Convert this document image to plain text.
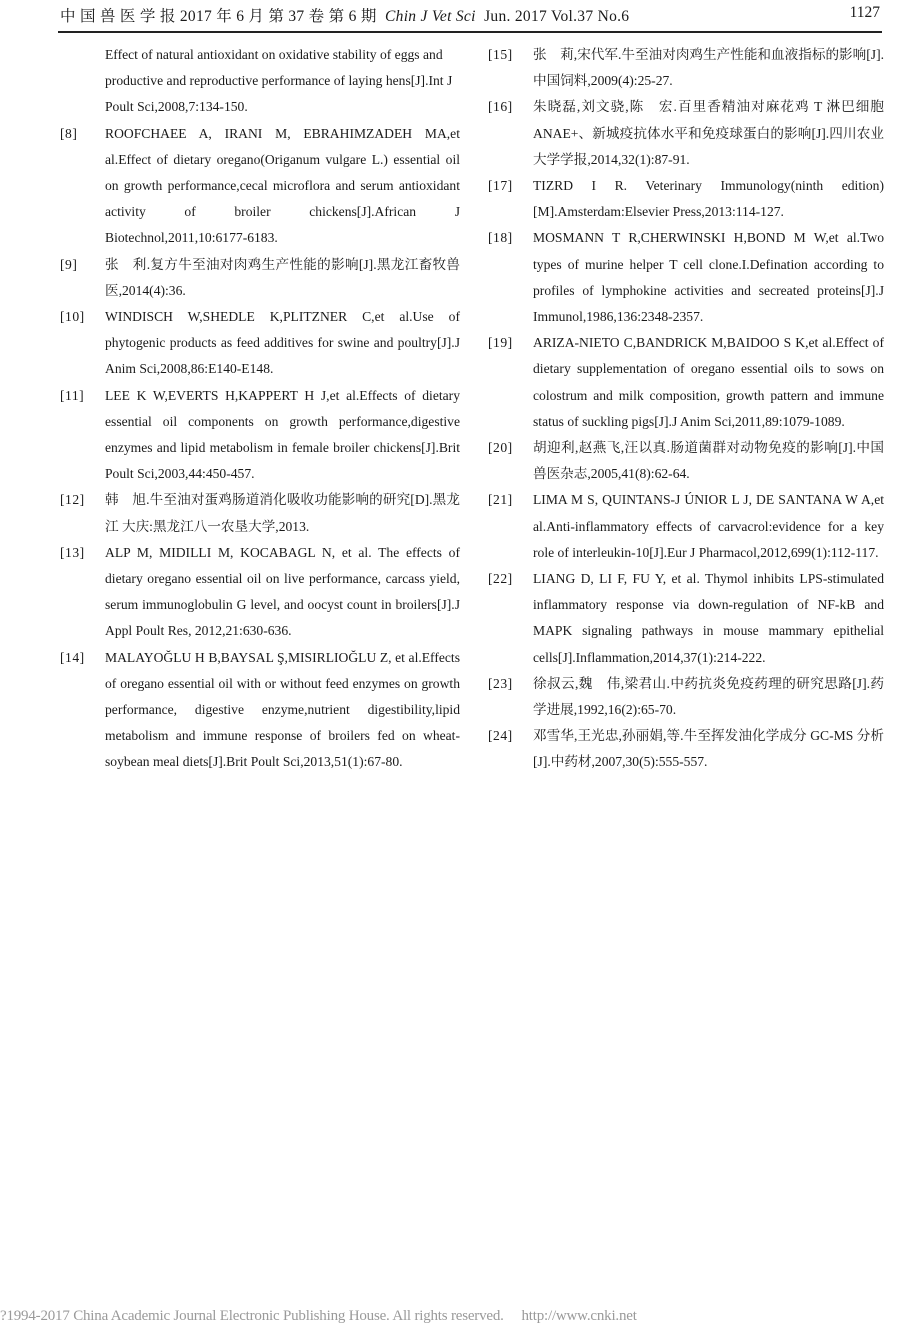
中 国 兽 医 学 报 2017 年 6 月 第 37 卷 第 6 期 Chin J Vet Sci Jun. 2017 Vol.37 No.6	1127
Effect of natural antioxidant on oxidative stability of eggs and productive and reproductive performance of laying hens[J].Int J Poult Sci,2008,7:134-150.
[8]	ROOFCHAEE A, IRANI M, EBRAHIMZADEH MA,et al.Effect of dietary oregano(Origanum vulgare L.) essential oil on growth performance,cecal microflora and serum antioxidant activity of broiler chickens[J].African J Biotechnol,2011,10:6177-6183.
[9]	张　利.复方牛至油对肉鸡生产性能的影响[J].黑龙江畜牧兽医,2014(4):36.
[10]	WINDISCH W,SHEDLE K,PLITZNER C,et al.Use of phytogenic products as feed additives for swine and poultry[J].J Anim Sci,2008,86:E140-E148.
[11]	LEE K W,EVERTS H,KAPPERT H J,et al.Effects of dietary essential oil components on growth performance,digestive enzymes and lipid metabolism in female broiler chickens[J].Brit Poult Sci,2003,44:450-457.
[12]	韩　旭.牛至油对蛋鸡肠道消化吸收功能影响的研究[D].黑龙江 大庆:黑龙江八一农垦大学,2013.
[13]	ALP M, MIDILLI M, KOCABAGL N, et al. The effects of dietary oregano essential oil on live performance, carcass yield, serum immunoglobulin G level, and oocyst count in broilers[J].J Appl Poult Res, 2012,21:630-636.
[14]	MALAYOĞLU H B,BAYSAL Ş,MISIRLIOĞLU Z, et al.Effects of oregano essential oil with or without feed enzymes on growth performance, digestive enzyme,nutrient digestibility,lipid metabolism and immune response of broilers fed on wheat-soybean meal diets[J].Brit Poult Sci,2013,51(1):67-80.
[15]	张　莉,宋代军.牛至油对肉鸡生产性能和血液指标的影响[J].中国饲料,2009(4):25-27.
[16]	朱晓磊,刘文骁,陈　宏.百里香精油对麻花鸡 T 淋巴细胞 ANAE+、新城疫抗体水平和免疫球蛋白的影响[J].四川农业大学学报,2014,32(1):87-91.
[17]	TIZRD I R. Veterinary Immunology(ninth edition)[M].Amsterdam:Elsevier Press,2013:114-127.
[18]	MOSMANN T R,CHERWINSKI H,BOND M W,et al.Two types of murine helper T cell clone.I.Defination according to profiles of lymphokine activities and secreated proteins[J].J Immunol,1986,136:2348-2357.
[19]	ARIZA-NIETO C,BANDRICK M,BAIDOO S K,et al.Effect of dietary supplementation of oregano essential oils to sows on colostrum and milk composition, growth pattern and immune status of suckling pigs[J].J Anim Sci,2011,89:1079-1089.
[20]	胡迎利,赵燕飞,汪以真.肠道菌群对动物免疫的影响[J].中国兽医杂志,2005,41(8):62-64.
[21]	LIMA M S, QUINTANS-J ÚNIOR L J, DE SANTANA W A,et al.Anti-inflammatory effects of carvacrol:evidence for a key role of interleukin-10[J].Eur J Pharmacol,2012,699(1):112-117.
[22]	LIANG D, LI F, FU Y, et al. Thymol inhibits LPS-stimulated inflammatory response via down-regulation of NF-kB and MAPK signaling pathways in mouse mammary epithelial cells[J].Inflammation,2014,37(1):214-222.
[23]	徐叔云,魏　伟,梁君山.中药抗炎免疫药理的研究思路[J].药学进展,1992,16(2):65-70.
[24]	邓雪华,王光忠,孙丽娟,等.牛至挥发油化学成分 GC-MS 分析[J].中药材,2007,30(5):555-557.
?1994-2017 China Academic Journal Electronic Publishing House. All rights reserved. http://www.cnki.net
